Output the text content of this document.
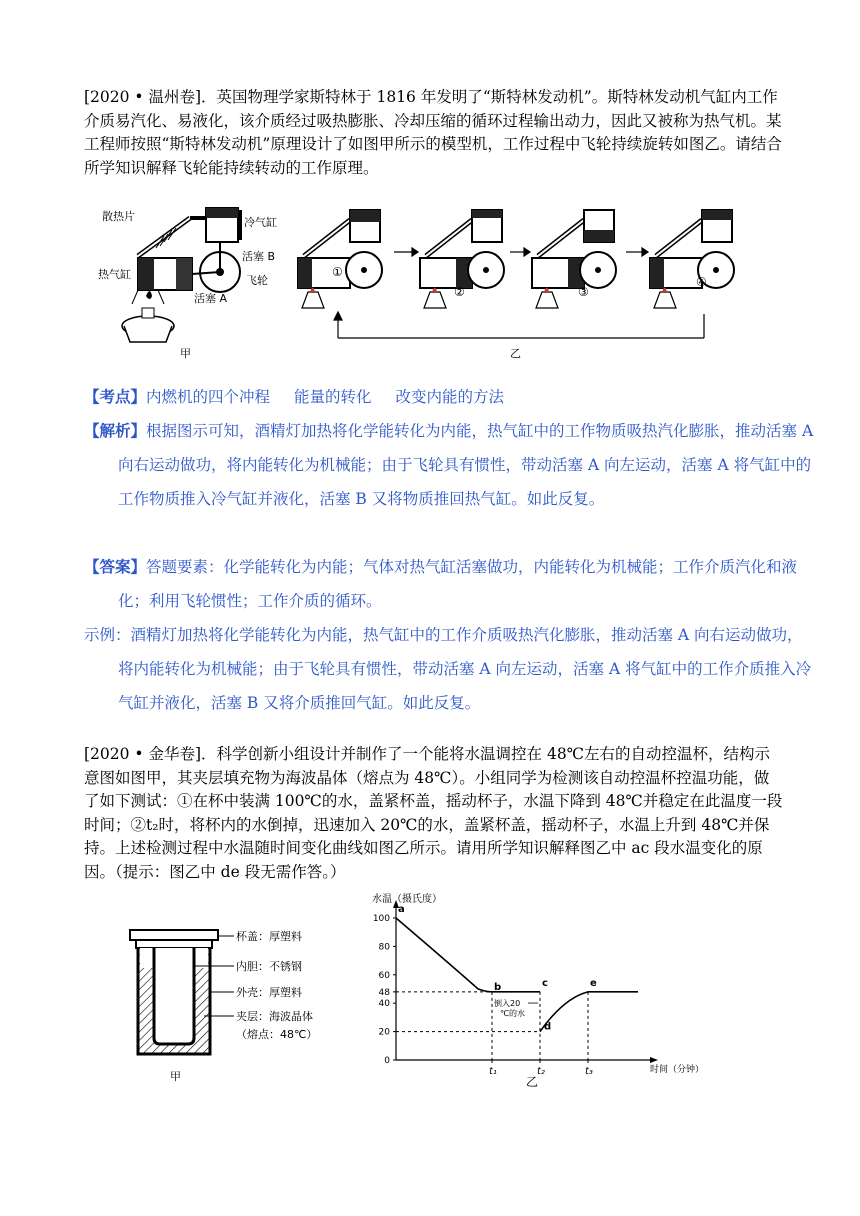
[2020 • 温州卷]．英国物理学家斯特林于 1816 年发明了“斯特林发动机”。斯特林发动机气缸内工作介质易汽化、易液化，该介质经过吸热膨胀、冷却压缩的循环过程输出动力，因此又被称为热气机。某工程师按照“斯特林发动机”原理设计了如图甲所示的模型机，工作过程中飞轮持续旋转如图乙。请结合所学知识解释飞轮能持续转动的工作原理。
散热片	冷气缸
活塞 B
飞轮
热气缸
活塞 A
甲
①
②	③
④
乙
【考点】内燃机的四个冲程 能量的转化 改变内能的方法
【解析】根据图示可知，酒精灯加热将化学能转化为内能，热气缸中的工作物质吸热汽化膨胀，推动活塞 A 向右运动做功，将内能转化为机械能；由于飞轮具有惯性，带动活塞 A 向左运动，活塞 A 将气缸中的工作物质推入冷气缸并液化，活塞 B 又将物质推回热气缸。如此反复。
【答案】答题要素：化学能转化为内能；气体对热气缸活塞做功，内能转化为机械能；工作介质汽化和液化；利用飞轮惯性；工作介质的循环。
示例：酒精灯加热将化学能转化为内能，热气缸中的工作介质吸热汽化膨胀，推动活塞 A 向右运动做功，将内能转化为机械能；由于飞轮具有惯性，带动活塞 A 向左运动，活塞 A 将气缸中的工作介质推入冷气缸并液化，活塞 B 又将介质推回气缸。如此反复。
[2020 • 金华卷]．科学创新小组设计并制作了一个能将水温调控在 48℃左右的自动控温杯，结构示意图如图甲，其夹层填充物为海波晶体（熔点为 48℃）。小组同学为检测该自动控温杯控温功能，做了如下测试：①在杯中装满 100℃的水，盖紧杯盖，摇动杯子，水温下降到 48℃并稳定在此温度一段时间；②t₂时，将杯内的水倒掉，迅速加入 20℃的水，盖紧杯盖，摇动杯子，水温上升到 48℃并保持。上述检测过程中水温随时间变化曲线如图乙所示。请用所学知识解释图乙中 ac 段水温变化的原因。（提示：图乙中 de 段无需作答。）
杯盖：厚塑料
内胆：不锈钢
外壳：厚塑料
夹层：海波晶体
（熔点：48℃）
甲
0
20
40
48
60
80
100
t₁	t₂	t₃
a
b	c
d
e
倒入20
℃的水
水温（摄氏度）
时间（分钟）
乙
